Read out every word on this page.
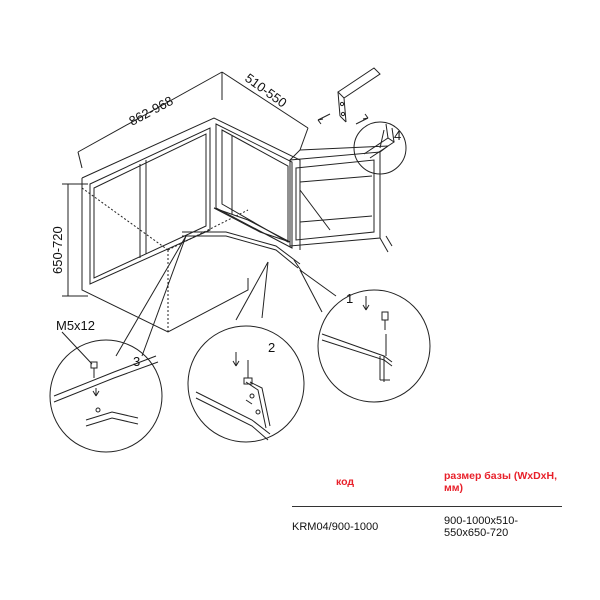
862-968
510-550
650-720
M5x12
1
2
3
4
код	размер базы (WxDxH, мм)
KRM04/900-1000	900-1000x510-550x650-720
